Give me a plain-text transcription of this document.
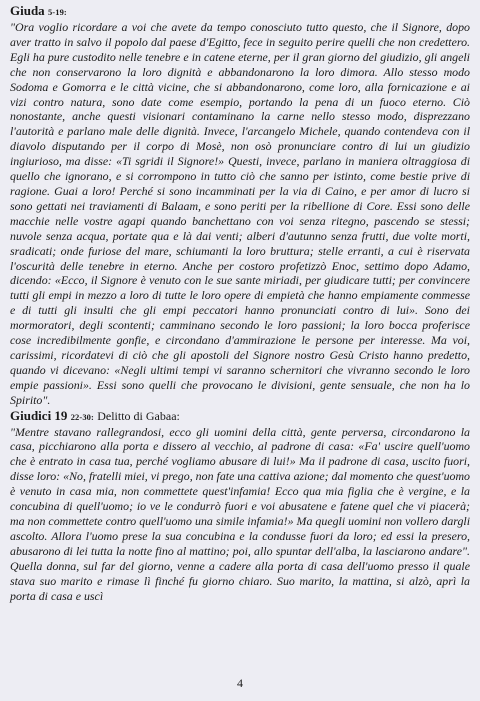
Giuda 5-19:

"Ora voglio ricordare a voi che avete da tempo conosciuto tutto questo, che il Signore, dopo aver tratto in salvo il popolo dal paese d'Egitto, fece in seguito perire quelli che non credettero. Egli ha pure custodito nelle tenebre e in catene eterne, per il gran giorno del giudizio, gli angeli che non conservarono la loro dignità e abbandonarono la loro dimora. Allo stesso modo Sodoma e Gomorra e le città vicine, che si abbandonarono, come loro, alla fornicazione e ai vizi contro natura, sono date come esempio, portando la pena di un fuoco eterno. Ciò nonostante, anche questi visionari contaminano la carne nello stesso modo, disprezzano l'autorità e parlano male delle dignità. Invece, l'arcangelo Michele, quando contendeva con il diavolo disputando per il corpo di Mosè, non osò pronunciare contro di lui un giudizio ingiurioso, ma disse: «Ti sgridi il Signore!» Questi, invece, parlano in maniera oltraggiosa di quello che ignorano, e si corrompono in tutto ciò che sanno per istinto, come bestie prive di ragione. Guai a loro! Perché si sono incamminati per la via di Caino, e per amor di lucro si sono gettati nei traviamenti di Balaam, e sono periti per la ribellione di Core. Essi sono delle macchie nelle vostre agapi quando banchettano con voi senza ritegno, pascendo se stessi; nuvole senza acqua, portate qua e là dai venti; alberi d'autunno senza frutti, due volte morti, sradicati; onde furiose del mare, schiumanti la loro bruttura; stelle erranti, a cui è riservata l'oscurità delle tenebre in eterno. Anche per costoro profetizzò Enoc, settimo dopo Adamo, dicendo: «Ecco, il Signore è venuto con le sue sante miriadi, per giudicare tutti; per convincere tutti gli empi in mezzo a loro di tutte le loro opere di empietà che hanno empiamente commesse e di tutti gli insulti che gli empi peccatori hanno pronunciati contro di lui». Sono dei mormoratori, degli scontenti; camminano secondo le loro passioni; la loro bocca proferisce cose incredibilmente gonfie, e circondano d'ammirazione le persone per interesse. Ma voi, carissimi, ricordatevi di ciò che gli apostoli del Signore nostro Gesù Cristo hanno predetto, quando vi dicevano: «Negli ultimi tempi vi saranno schernitori che vivranno secondo le loro empie passioni». Essi sono quelli che provocano le divisioni, gente sensuale, che non ha lo Spirito".

Giudici 19 22-30: Delitto di Gabaa:

"Mentre stavano rallegrandosi, ecco gli uomini della città, gente perversa, circondarono la casa, picchiarono alla porta e dissero al vecchio, al padrone di casa: «Fa' uscire quell'uomo che è entrato in casa tua, perché vogliamo abusare di lui!» Ma il padrone di casa, uscito fuori, disse loro: «No, fratelli miei, vi prego, non fate una cattiva azione; dal momento che quest'uomo è venuto in casa mia, non commettete quest'infamia! Ecco qua mia figlia che è vergine, e la concubina di quell'uomo; io ve le condurrò fuori e voi abusatene e fatene quel che vi piacerà; ma non commettete contro quell'uomo una simile infamia!» Ma quegli uomini non vollero dargli ascolto. Allora l'uomo prese la sua concubina e la condusse fuori da loro; ed essi la presero, abusarono di lei tutta la notte fino al mattino; poi, allo spuntar dell'alba, la lasciarono andare". Quella donna, sul far del giorno, venne a cadere alla porta di casa dell'uomo presso il quale stava suo marito e rimase lì finché fu giorno chiaro. Suo marito, la mattina, si alzò, aprì la porta di casa e uscì

4
